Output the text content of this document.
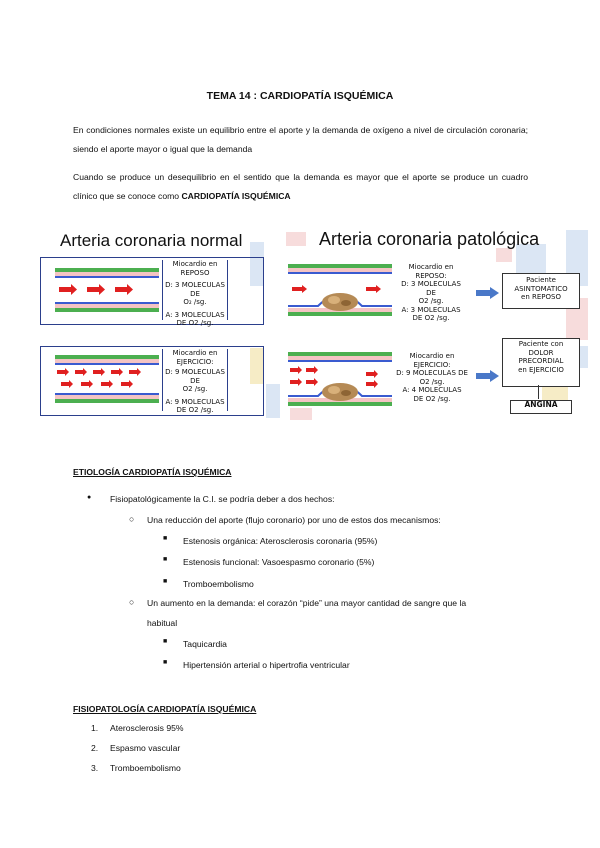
TEMA 14 : CARDIOPATÍA ISQUÉMICA
En condiciones normales existe un equilibrio entre el aporte y la demanda de oxígeno a nivel de circulación coronaria; siendo el aporte mayor o igual que la demanda
Cuando se produce un desequilibrio en el sentido que la demanda es mayor que el aporte se produce un cuadro clínico que se conoce como CARDIOPATÍA ISQUÉMICA
Arteria coronaria normal	Arteria coronaria patológica
Miocardio en
REPOSO
D: 3 MOLECULAS DE
O₂ /sg.
A: 3 MOLECULAS
DE O2 /sg.
Miocardio en
EJERCICIO:
D: 9 MOLECULAS DE
O2 /sg.
A: 9 MOLECULAS
DE O2 /sg.
Miocardio en
REPOSO:
D: 3 MOLECULAS DE
O2 /sg.
A: 3 MOLECULAS
DE O2 /sg.
Paciente
ASINTOMATICO
en REPOSO
Miocardio en
EJERCICIO:
D: 9 MOLECULAS DE
O2 /sg.
A: 4 MOLECULAS
DE O2 /sg.
Paciente con
DOLOR
PRECORDIAL
en EJERCICIO
ANGINA
ETIOLOGÍA CARDIOPATÍA ISQUÉMICA
● Fisiopatológicamente la C.I. se podría deber a dos hechos:
○ Una reducción del aporte (flujo coronario) por uno de estos dos mecanismos:
■ Estenosis orgánica: Aterosclerosis coronaria (95%)
■ Estenosis funcional: Vasoespasmo coronario (5%)
■ Tromboembolismo
○ Un aumento en la demanda: el corazón “pide” una mayor cantidad de sangre que la
habitual
■ Taquicardia
■ Hipertensión arterial o hipertrofia ventricular
FISIOPATOLOGÍA CARDIOPATÍA ISQUÉMICA
1. Aterosclerosis 95%
2. Espasmo vascular
3. Tromboembolismo
